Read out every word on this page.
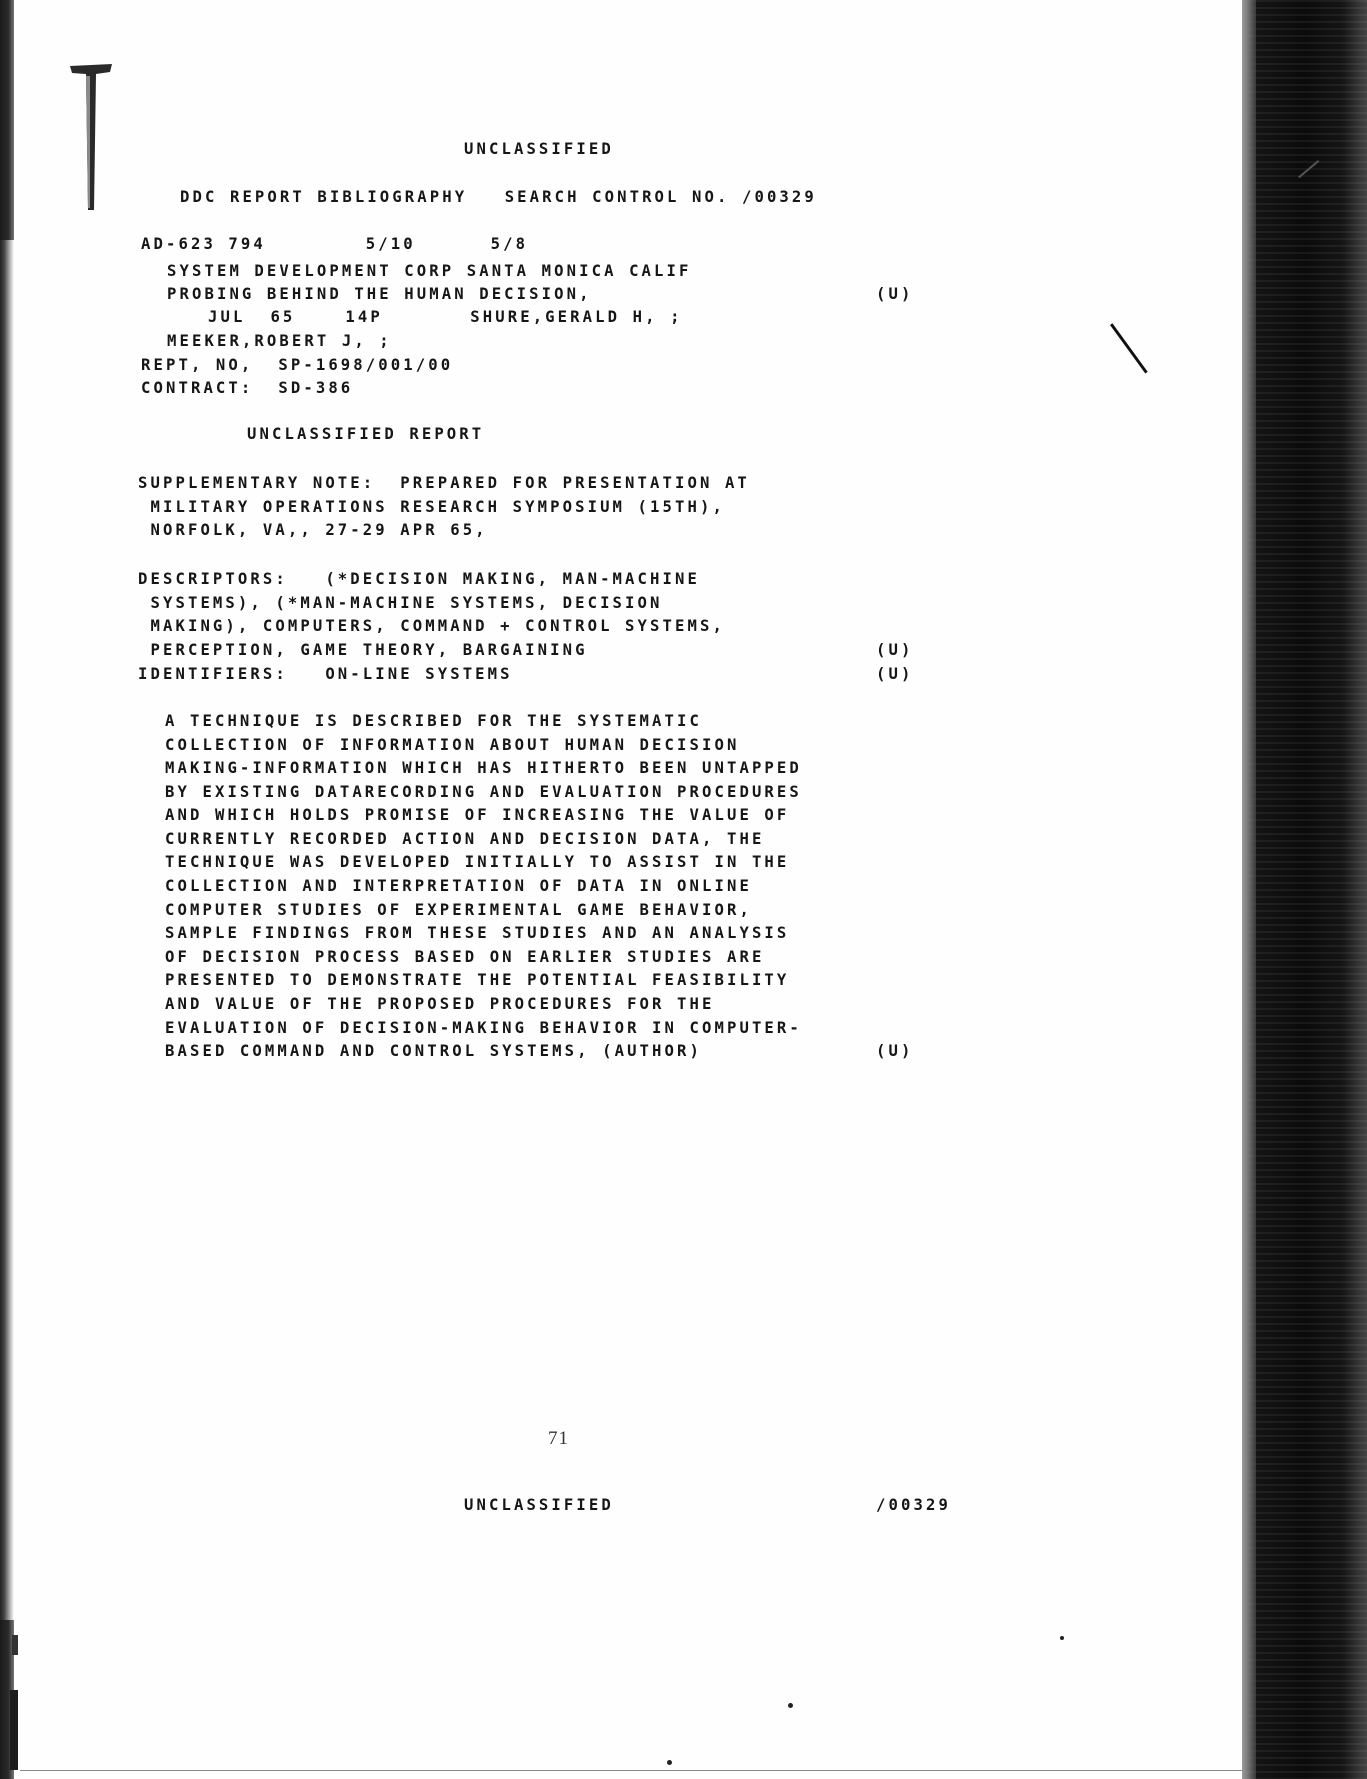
UNCLASSIFIED
DDC REPORT BIBLIOGRAPHY   SEARCH CONTROL NO. /00329
AD-623 794        5/10      5/8
SYSTEM DEVELOPMENT CORP SANTA MONICA CALIF
PROBING BEHIND THE HUMAN DECISION,	(U)
JUL  65    14P       SHURE,GERALD H, ;
MEEKER,ROBERT J, ;
REPT, NO,  SP-1698/001/00
CONTRACT:  SD-386
UNCLASSIFIED REPORT
SUPPLEMENTARY NOTE:  PREPARED FOR PRESENTATION AT
MILITARY OPERATIONS RESEARCH SYMPOSIUM (15TH),
NORFOLK, VA,, 27-29 APR 65,
DESCRIPTORS:   (*DECISION MAKING, MAN-MACHINE
SYSTEMS), (*MAN-MACHINE SYSTEMS, DECISION
MAKING), COMPUTERS, COMMAND + CONTROL SYSTEMS,
PERCEPTION, GAME THEORY, BARGAINING	(U)
IDENTIFIERS:   ON-LINE SYSTEMS	(U)
A TECHNIQUE IS DESCRIBED FOR THE SYSTEMATIC
COLLECTION OF INFORMATION ABOUT HUMAN DECISION
MAKING-INFORMATION WHICH HAS HITHERTO BEEN UNTAPPED
BY EXISTING DATARECORDING AND EVALUATION PROCEDURES
AND WHICH HOLDS PROMISE OF INCREASING THE VALUE OF
CURRENTLY RECORDED ACTION AND DECISION DATA, THE
TECHNIQUE WAS DEVELOPED INITIALLY TO ASSIST IN THE
COLLECTION AND INTERPRETATION OF DATA IN ONLINE
COMPUTER STUDIES OF EXPERIMENTAL GAME BEHAVIOR,
SAMPLE FINDINGS FROM THESE STUDIES AND AN ANALYSIS
OF DECISION PROCESS BASED ON EARLIER STUDIES ARE
PRESENTED TO DEMONSTRATE THE POTENTIAL FEASIBILITY
AND VALUE OF THE PROPOSED PROCEDURES FOR THE
EVALUATION OF DECISION-MAKING BEHAVIOR IN COMPUTER-
BASED COMMAND AND CONTROL SYSTEMS, (AUTHOR)	(U)
71
UNCLASSIFIED	/00329
